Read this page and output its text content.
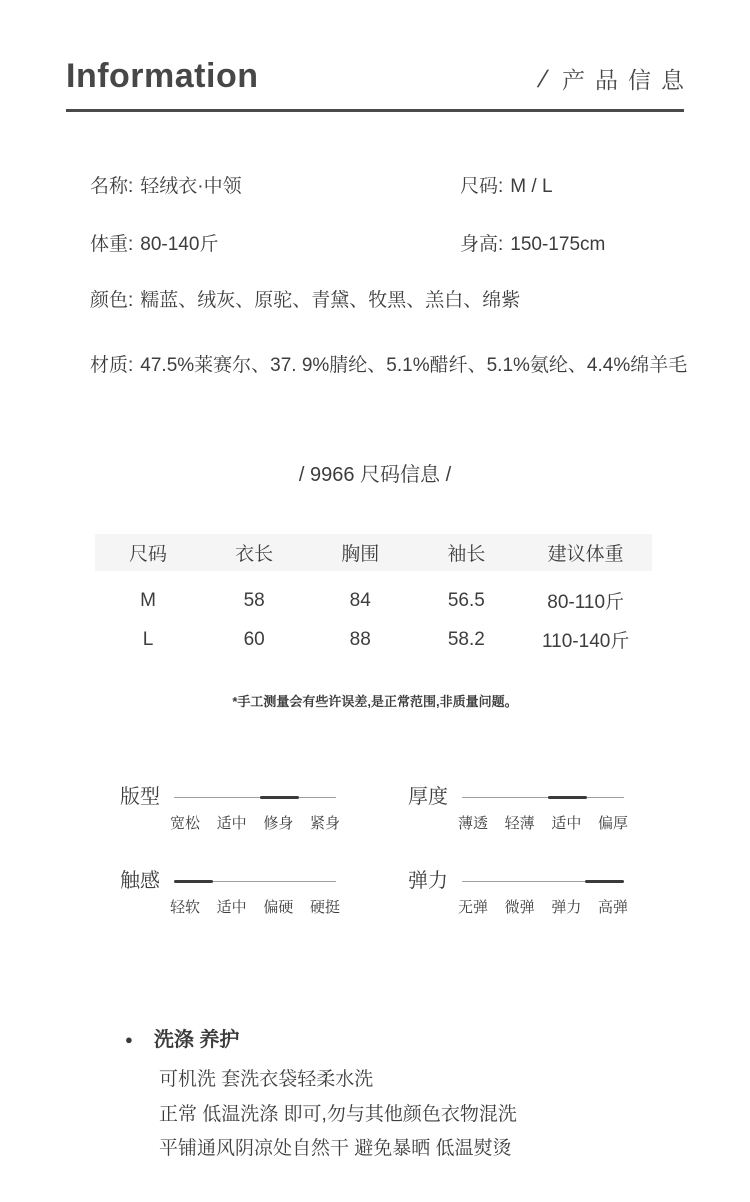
Information	/ 产品信息
名称: 轻绒衣·中领	尺码: M / L
体重: 80-140斤	身高: 150-175cm
颜色: 糯蓝、绒灰、原驼、青黛、牧黑、羔白、绵紫
材质: 47.5%莱赛尔、37. 9%腈纶、5.1%醋纤、5.1%氨纶、4.4%绵羊毛
/ 9966 尺码信息 /
尺码	衣长	胸围	袖长	建议体重
M	58	84	56.5	80-110斤
L	60	88	58.2	110-140斤
*手工测量会有些许误差,是正常范围,非质量问题。
版型
宽松 适中 修身 紧身
厚度
薄透 轻薄 适中 偏厚
触感
轻软 适中 偏硬 硬挺
弹力
无弹 微弹 弹力 高弹
● 洗涤 养护
可机洗 套洗衣袋轻柔水洗
正常 低温洗涤 即可,勿与其他颜色衣物混洗
平铺通风阴凉处自然干 避免暴晒 低温熨烫
